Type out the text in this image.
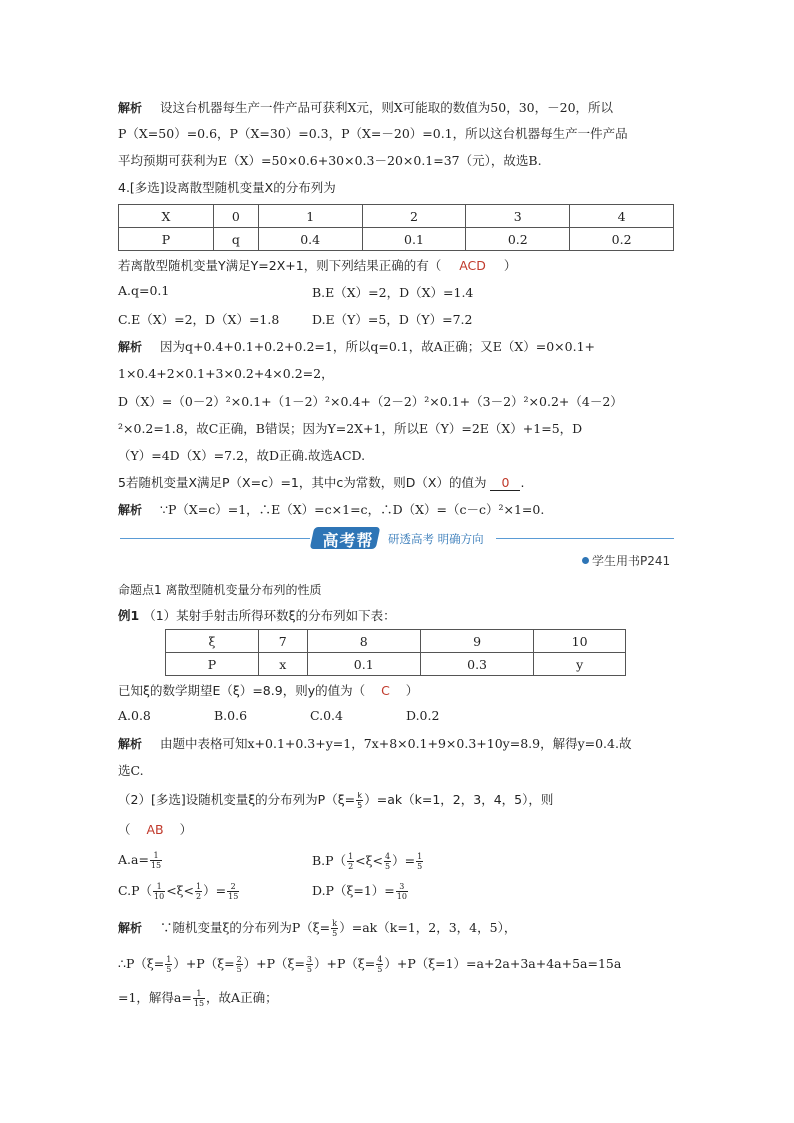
解析 设这台机器每生产一件产品可获利X元，则X可能取的数值为50，30，－20，所以
P（X=50）=0.6，P（X=30）=0.3，P（X=－20）=0.1，所以这台机器每生产一件产品
平均预期可获利为E（X）=50×0.6+30×0.3－20×0.1=37（元），故选B.
4.[多选]设离散型随机变量X的分布列为
X	0	1	2	3	4
P	q	0.4	0.1	0.2	0.2
若离散型随机变量Y满足Y=2X+1，则下列结果正确的有（ ACD ）
A.q=0.1	B.E（X）=2，D（X）=1.4
C.E（X）=2，D（X）=1.8	D.E（Y）=5，D（Y）=7.2
解析 因为q+0.4+0.1+0.2+0.2=1，所以q=0.1，故A正确；又E（X）=0×0.1+
1×0.4+2×0.1+3×0.2+4×0.2=2，
D（X）=（0－2）²×0.1+（1－2）²×0.4+（2－2）²×0.1+（3－2）²×0.2+（4－2）
²×0.2=1.8，故C正确，B错误；因为Y=2X+1，所以E（Y）=2E（X）+1=5，D
（Y）=4D（X）=7.2，故D正确.故选ACD.
5若随机变量X满足P（X=c）=1，其中c为常数，则D（X）的值为 0 .
解析 ∵P（X=c）=1，∴E（X）=c×1=c，∴D（X）=（c－c）²×1=0.
高考帮	研透高考 明确方向
学生用书P241
命题点1 离散型随机变量分布列的性质
例1 （1）某射手射击所得环数ξ的分布列如下表：
ξ	7	8	9	10
P	x	0.1	0.3	y
已知ξ的数学期望E（ξ）=8.9，则y的值为（ C ）
A.0.8	B.0.6	C.0.4	D.0.2
解析 由题中表格可知x+0.1+0.3+y=1，7x+8×0.1+9×0.3+10y=8.9，解得y=0.4.故
选C.
（2）[多选]设随机变量ξ的分布列为$P(\xi= \frac{k}{5} )=ak(k=1$，2，3，4，5），则
（ AB ）
$A.a= \frac{1}{15}$	$B.P( \frac{1}{2} <\xi< \frac{4}{5}$ ）= $\frac{1}{5}$
$C.P( \frac{1}{10} <\xi< \frac{1}{2}$ ）= $\frac{2}{15}$	$D.P(\xi=1)= \frac{3}{10}$
解析 ∵随机变量ξ的分布列为$P(\xi= \frac{k}{5} )=ak(k=1$，2，3，4，5），
∴P（ξ= $\frac{1}{5} )+P(\xi= \frac{2}{5} )+P(\xi= \frac{3}{5} )+P(\xi= \frac{4}{5} )+P(\xi=1)=a+2a+3a+4a+5a=15a$
=1，解得$a= \frac{1}{15}$ ，故A正确；
